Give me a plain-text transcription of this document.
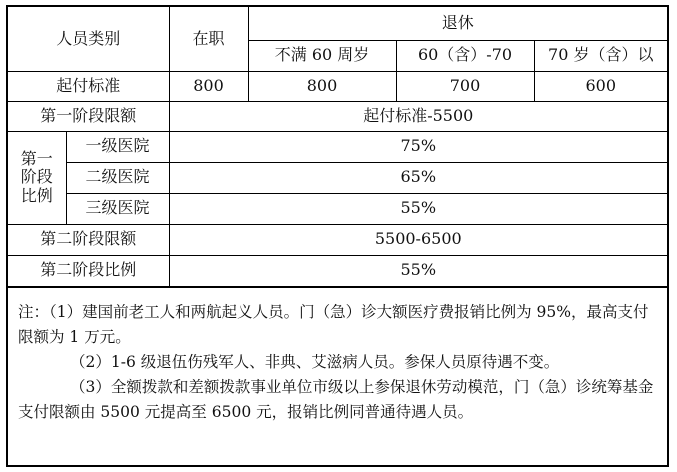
人员类别		在职	退休		
			不满 60 周岁	60（含）-70	70 岁（含）以
起付标准		800	800	700	600
第一阶段限额		起付标准-5500			
第一
阶段
比例	一级医院	75%			
	二级医院	65%			
	三级医院	55%			
第二阶段限额		5500-6500			
第二阶段比例		55%			

注：（1）建国前老工人和两航起义人员。门（急）诊大额医疗费报销比例为 95%，最高支付限额为 1 万元。

（2）1-6 级退伍伤残军人、非典、艾滋病人员。参保人员原待遇不变。

（3）全额拨款和差额拨款事业单位市级以上参保退休劳动模范，门（急）诊统筹基金支付限额由 5500 元提高至 6500 元，报销比例同普通待遇人员。
